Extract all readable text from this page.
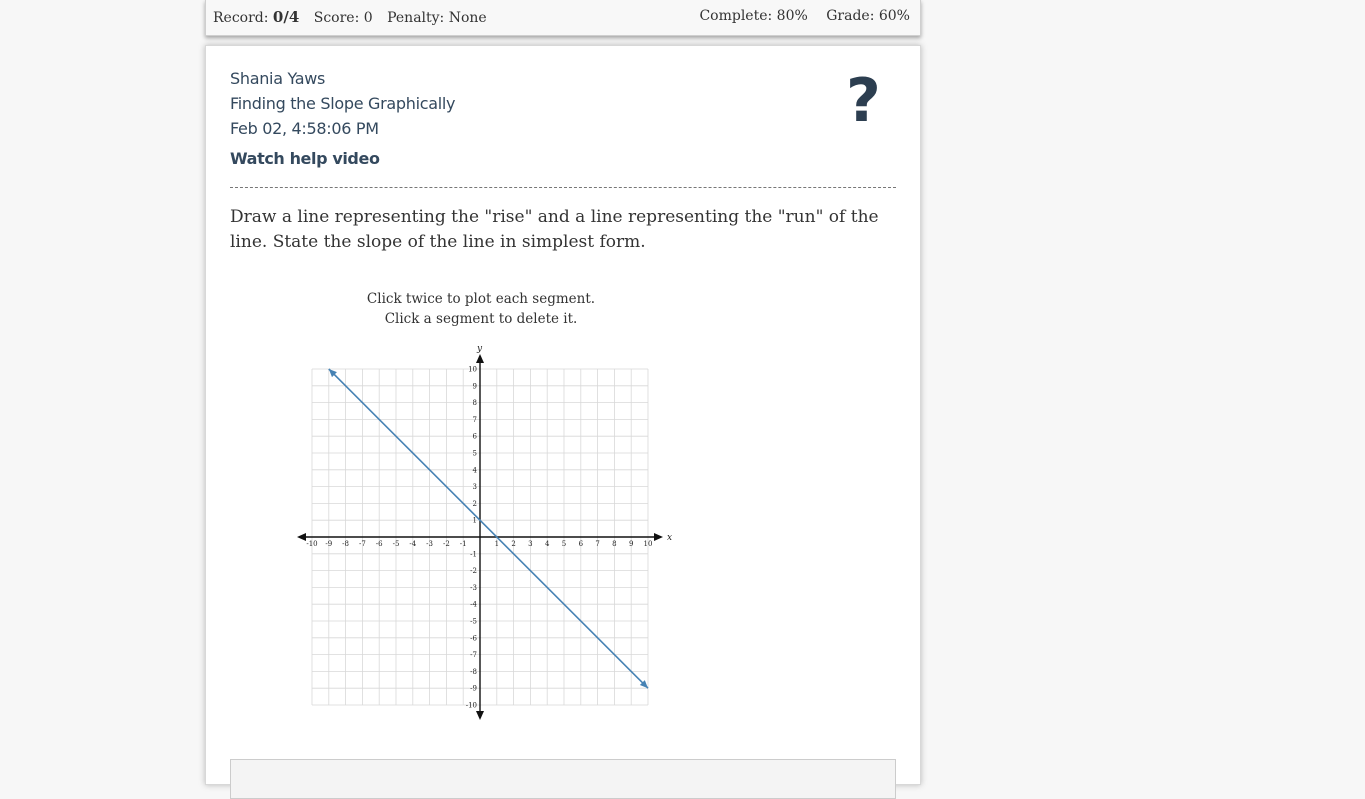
Record: 0/4 Score: 0 Penalty: None	Complete: 80% Grade: 60%
Shania Yaws
Finding the Slope Graphically
Feb 02, 4:58:06 PM
Watch help video
?
Draw a line representing the "rise" and a line representing the "run" of the line. State the slope of the line in simplest form.
Click twice to plot each segment.
Click a segment to delete it.
x
y
-10 -9 -8 -7 -6 -5 -4 -3 -2 -1	1 2 3 4 5 6 7 8 9 10
-10
-9
-8
-7
-6
-5
-4
-3
-2
-1
1
2
3
4
5
6
7
8
9
10
